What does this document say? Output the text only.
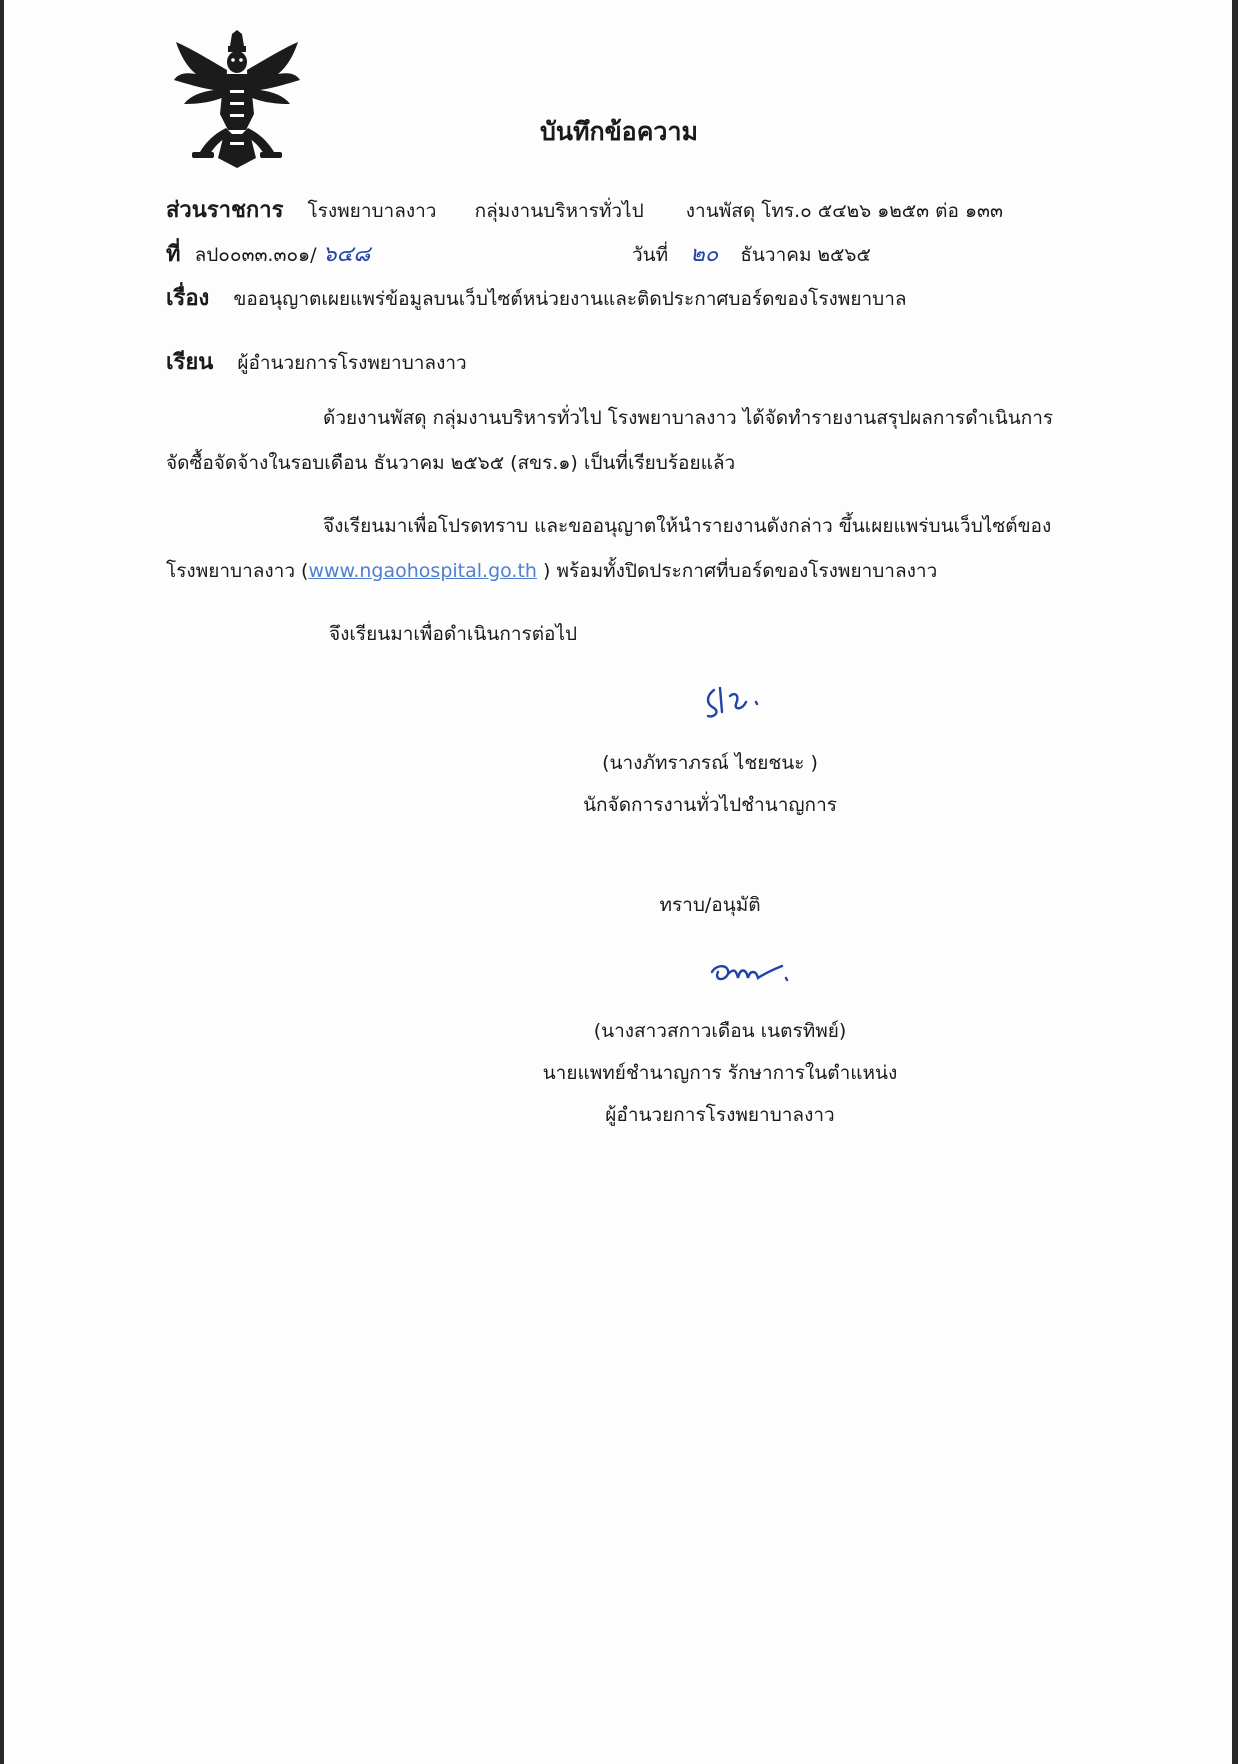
บันทึกข้อความ
ส่วนราชการ โรงพยาบาลงาว กลุ่มงานบริหารทั่วไป งานพัสดุ โทร.๐ ๕๔๒๖ ๑๒๕๓ ต่อ ๑๓๓
ที่ ลป๐๐๓๓.๓๐๑/ ๖๔๘	วันที่ ๒๐ ธันวาคม ๒๕๖๕
เรื่อง ขออนุญาตเผยแพร่ข้อมูลบนเว็บไซต์หน่วยงานและติดประกาศบอร์ดของโรงพยาบาล
เรียน ผู้อำนวยการโรงพยาบาลงาว
ด้วยงานพัสดุ กลุ่มงานบริหารทั่วไป โรงพยาบาลงาว ได้จัดทำรายงานสรุปผลการดำเนินการ
จัดซื้อจัดจ้างในรอบเดือน ธันวาคม ๒๕๖๕ (สขร.๑) เป็นที่เรียบร้อยแล้ว
จึงเรียนมาเพื่อโปรดทราบ และขออนุญาตให้นำรายงานดังกล่าว ขึ้นเผยแพร่บนเว็บไซต์ของ
โรงพยาบาลงาว (www.ngaohospital.go.th ) พร้อมทั้งปิดประกาศที่บอร์ดของโรงพยาบาลงาว
จึงเรียนมาเพื่อดำเนินการต่อไป
(นางภัทราภรณ์ ไชยชนะ )
นักจัดการงานทั่วไปชำนาญการ
ทราบ/อนุมัติ
(นางสาวสกาวเดือน เนตรทิพย์)
นายแพทย์ชำนาญการ รักษาการในตำแหน่ง
ผู้อำนวยการโรงพยาบาลงาว
